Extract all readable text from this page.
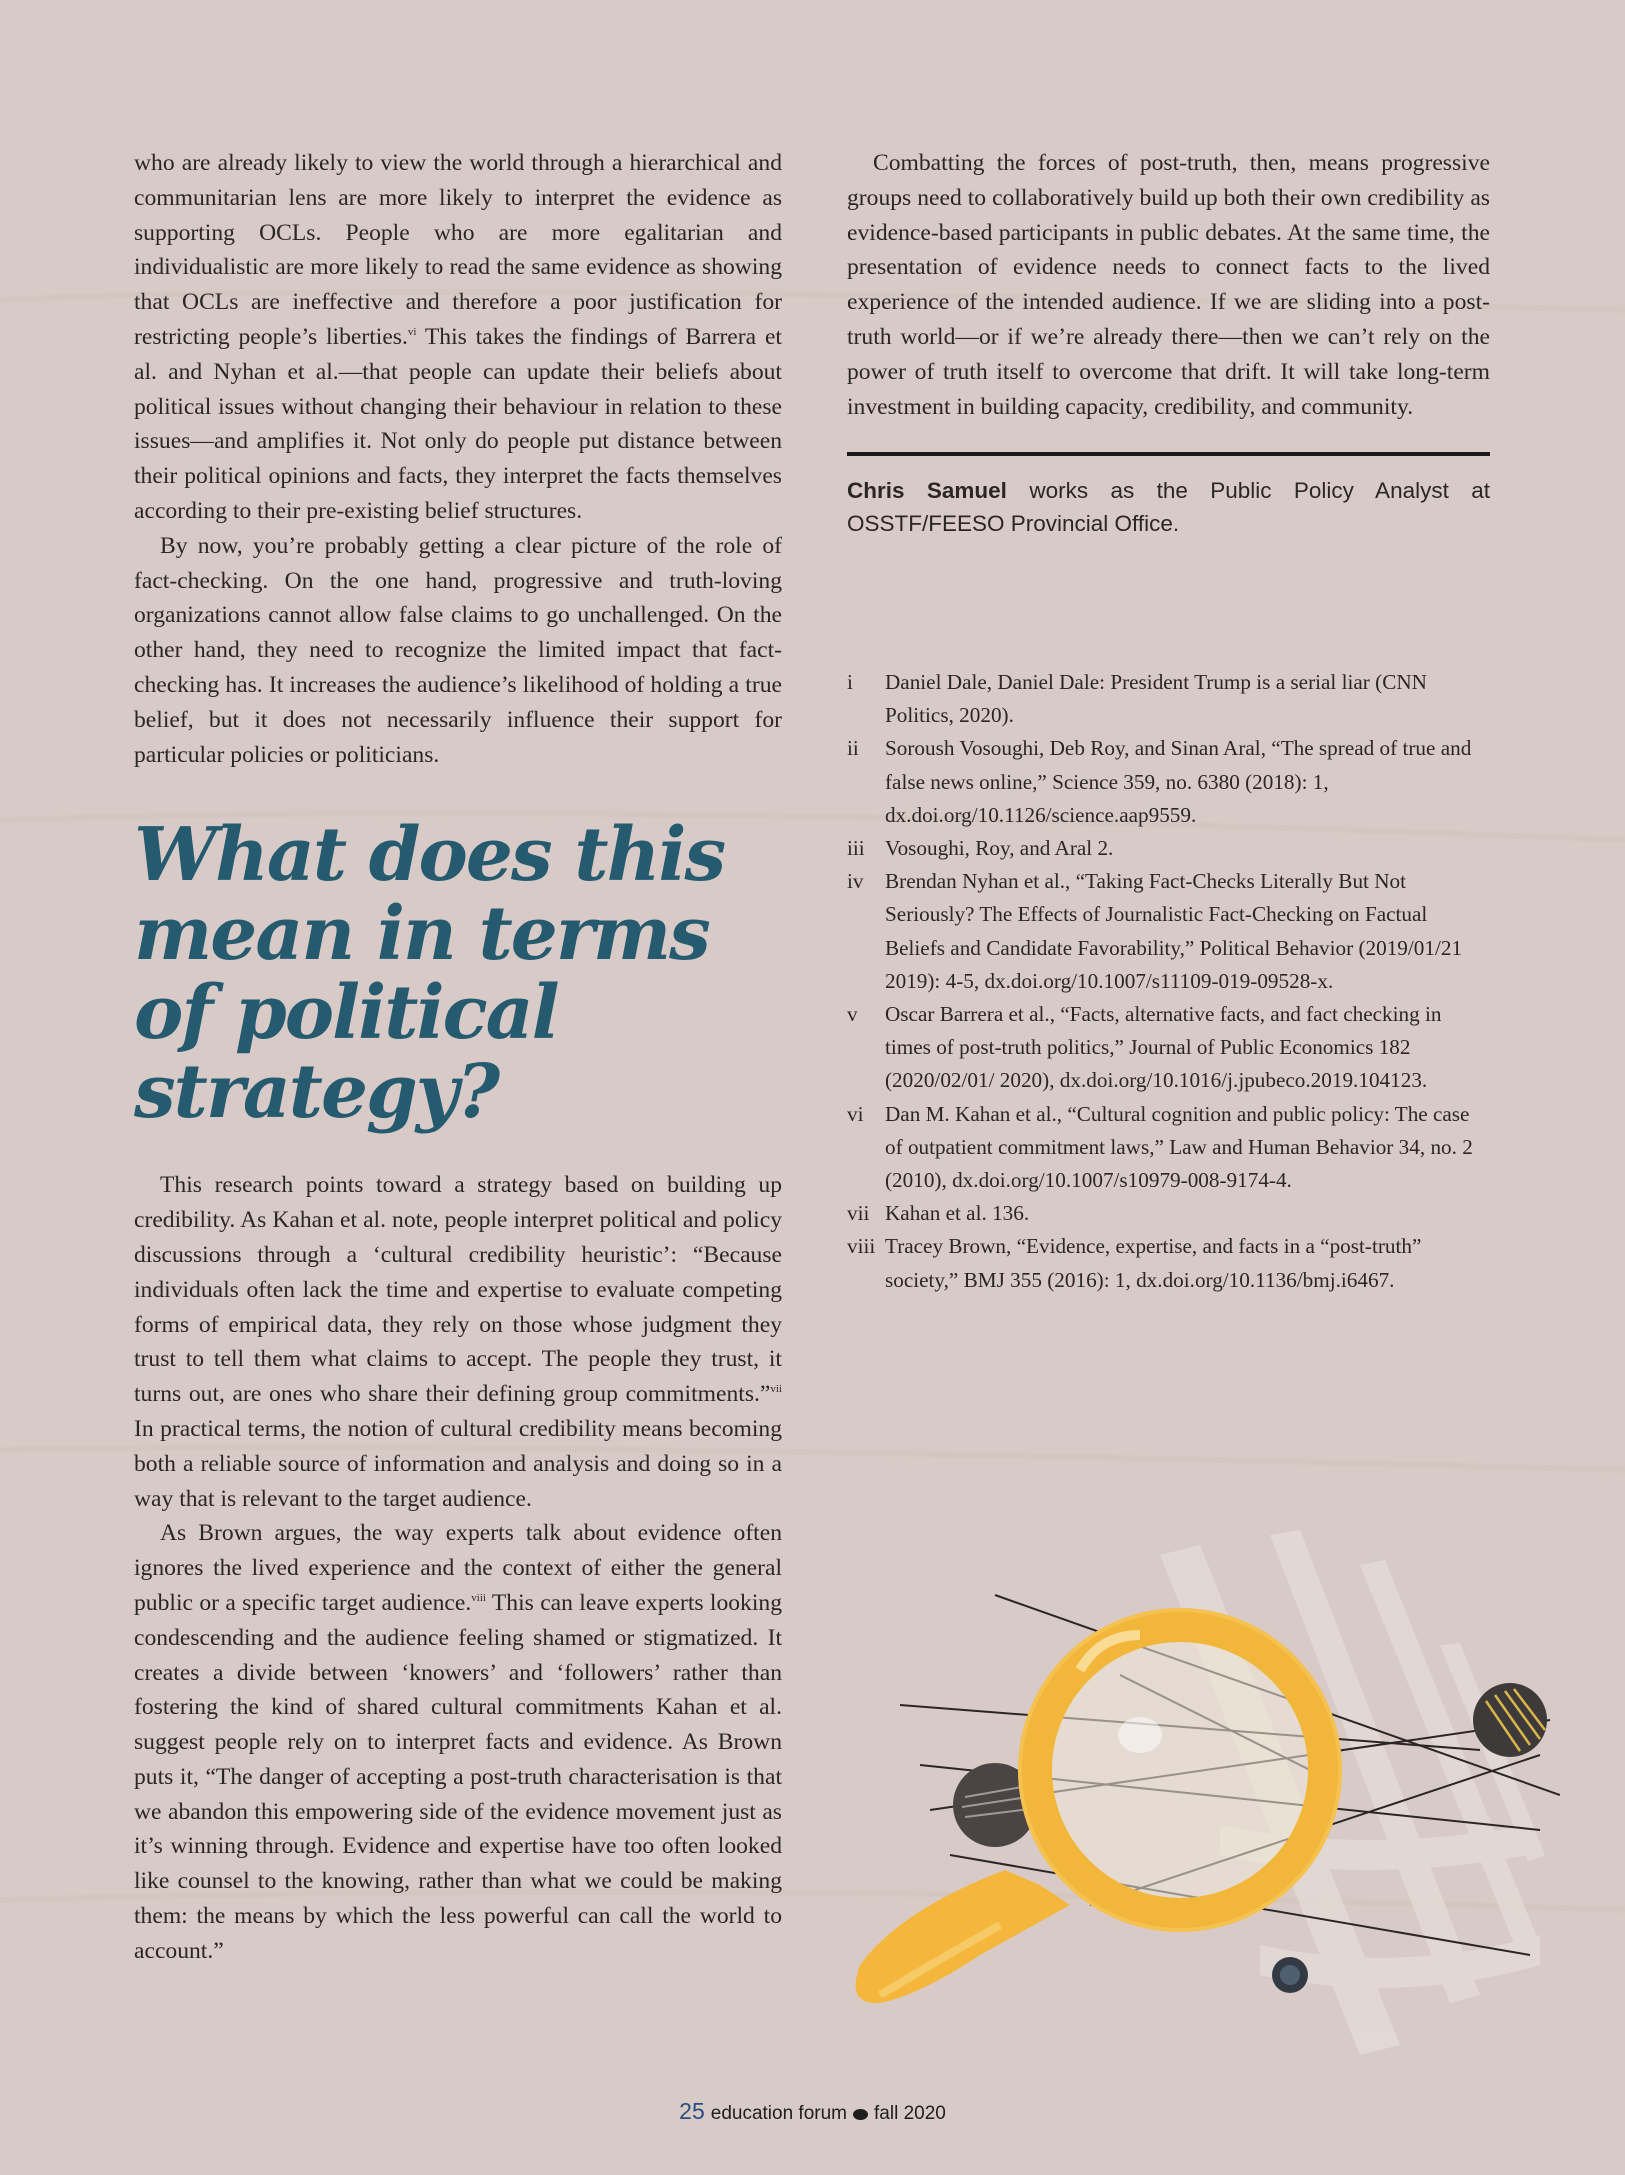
who are already likely to view the world through a hierarchical and communitarian lens are more likely to interpret the evidence as supporting OCLs. People who are more egalitarian and individualistic are more likely to read the same evidence as showing that OCLs are ineffective and therefore a poor justification for restricting people’s liberties.$^{vi}$ This takes the findings of Barrera et al. and Nyhan et al.—that people can update their beliefs about political issues without changing their behaviour in relation to these issues—and amplifies it. Not only do people put distance between their political opinions and facts, they interpret the facts themselves according to their pre-existing belief structures.

By now, you’re probably getting a clear picture of the role of fact-checking. On the one hand, progressive and truth-loving organizations cannot allow false claims to go unchallenged. On the other hand, they need to recognize the limited impact that fact-checking has. It increases the audience’s likelihood of holding a true belief, but it does not necessarily influence their support for particular policies or politicians.

What does this mean in terms of political strategy?

This research points toward a strategy based on building up credibility. As Kahan et al. note, people interpret political and policy discussions through a ‘cultural credibility heuristic’: “Because individuals often lack the time and expertise to evaluate competing forms of empirical data, they rely on those whose judgment they trust to tell them what claims to accept. The people they trust, it turns out, are ones who share their defining group commitments.”$^{vii}$ In practical terms, the notion of cultural credibility means becoming both a reliable source of information and analysis and doing so in a way that is relevant to the target audience.

As Brown argues, the way experts talk about evidence often ignores the lived experience and the context of either the general public or a specific target audience.$^{viii}$ This can leave experts looking condescending and the audience feeling shamed or stigmatized. It creates a divide between ‘knowers’ and ‘followers’ rather than fostering the kind of shared cultural commitments Kahan et al. suggest people rely on to interpret facts and evidence. As Brown puts it, “The danger of accepting a post-truth characterisation is that we abandon this empowering side of the evidence movement just as it’s winning through. Evidence and expertise have too often looked like counsel to the knowing, rather than what we could be making them: the means by which the less powerful can call the world to account.”

Combatting the forces of post-truth, then, means progressive groups need to collaboratively build up both their own credibility as evidence-based participants in public debates. At the same time, the presentation of evidence needs to connect facts to the lived experience of the intended audience. If we are sliding into a post-truth world—or if we’re already there—then we can’t rely on the power of truth itself to overcome that drift. It will take long-term investment in building capacity, credibility, and community.

Chris Samuel works as the Public Policy Analyst at OSSTF/FEESO Provincial Office.

i	Daniel Dale, Daniel Dale: President Trump is a serial liar (CNN Politics, 2020).
ii	Soroush Vosoughi, Deb Roy, and Sinan Aral, “The spread of true and false news online,” Science 359, no. 6380 (2018): 1, dx.doi.org/10.1126/science.aap9559.
iii Vosoughi, Roy, and Aral 2.
iv	Brendan Nyhan et al., “Taking Fact-Checks Literally But Not Seriously? The Effects of Journalistic Fact-Checking on Factual Beliefs and Candidate Favorability,” Political Behavior (2019/01/21 2019): 4-5, dx.doi.org/10.1007/s11109-019-09528-x.
v	Oscar Barrera et al., “Facts, alternative facts, and fact checking in times of post-truth politics,” Journal of Public Economics 182 (2020/02/01/ 2020), dx.doi.org/10.1016/j.jpubeco.2019.104123.
vi	Dan M. Kahan et al., “Cultural cognition and public policy: The case of outpatient commitment laws,” Law and Human Behavior 34, no. 2 (2010), dx.doi.org/10.1007/s10979-008-9174-4.
vii Kahan et al. 136.
viii Tracey Brown, “Evidence, expertise, and facts in a “post-truth” society,” BMJ 355 (2016): 1, dx.doi.org/10.1136/bmj.i6467.
25 education forum fall 2020
